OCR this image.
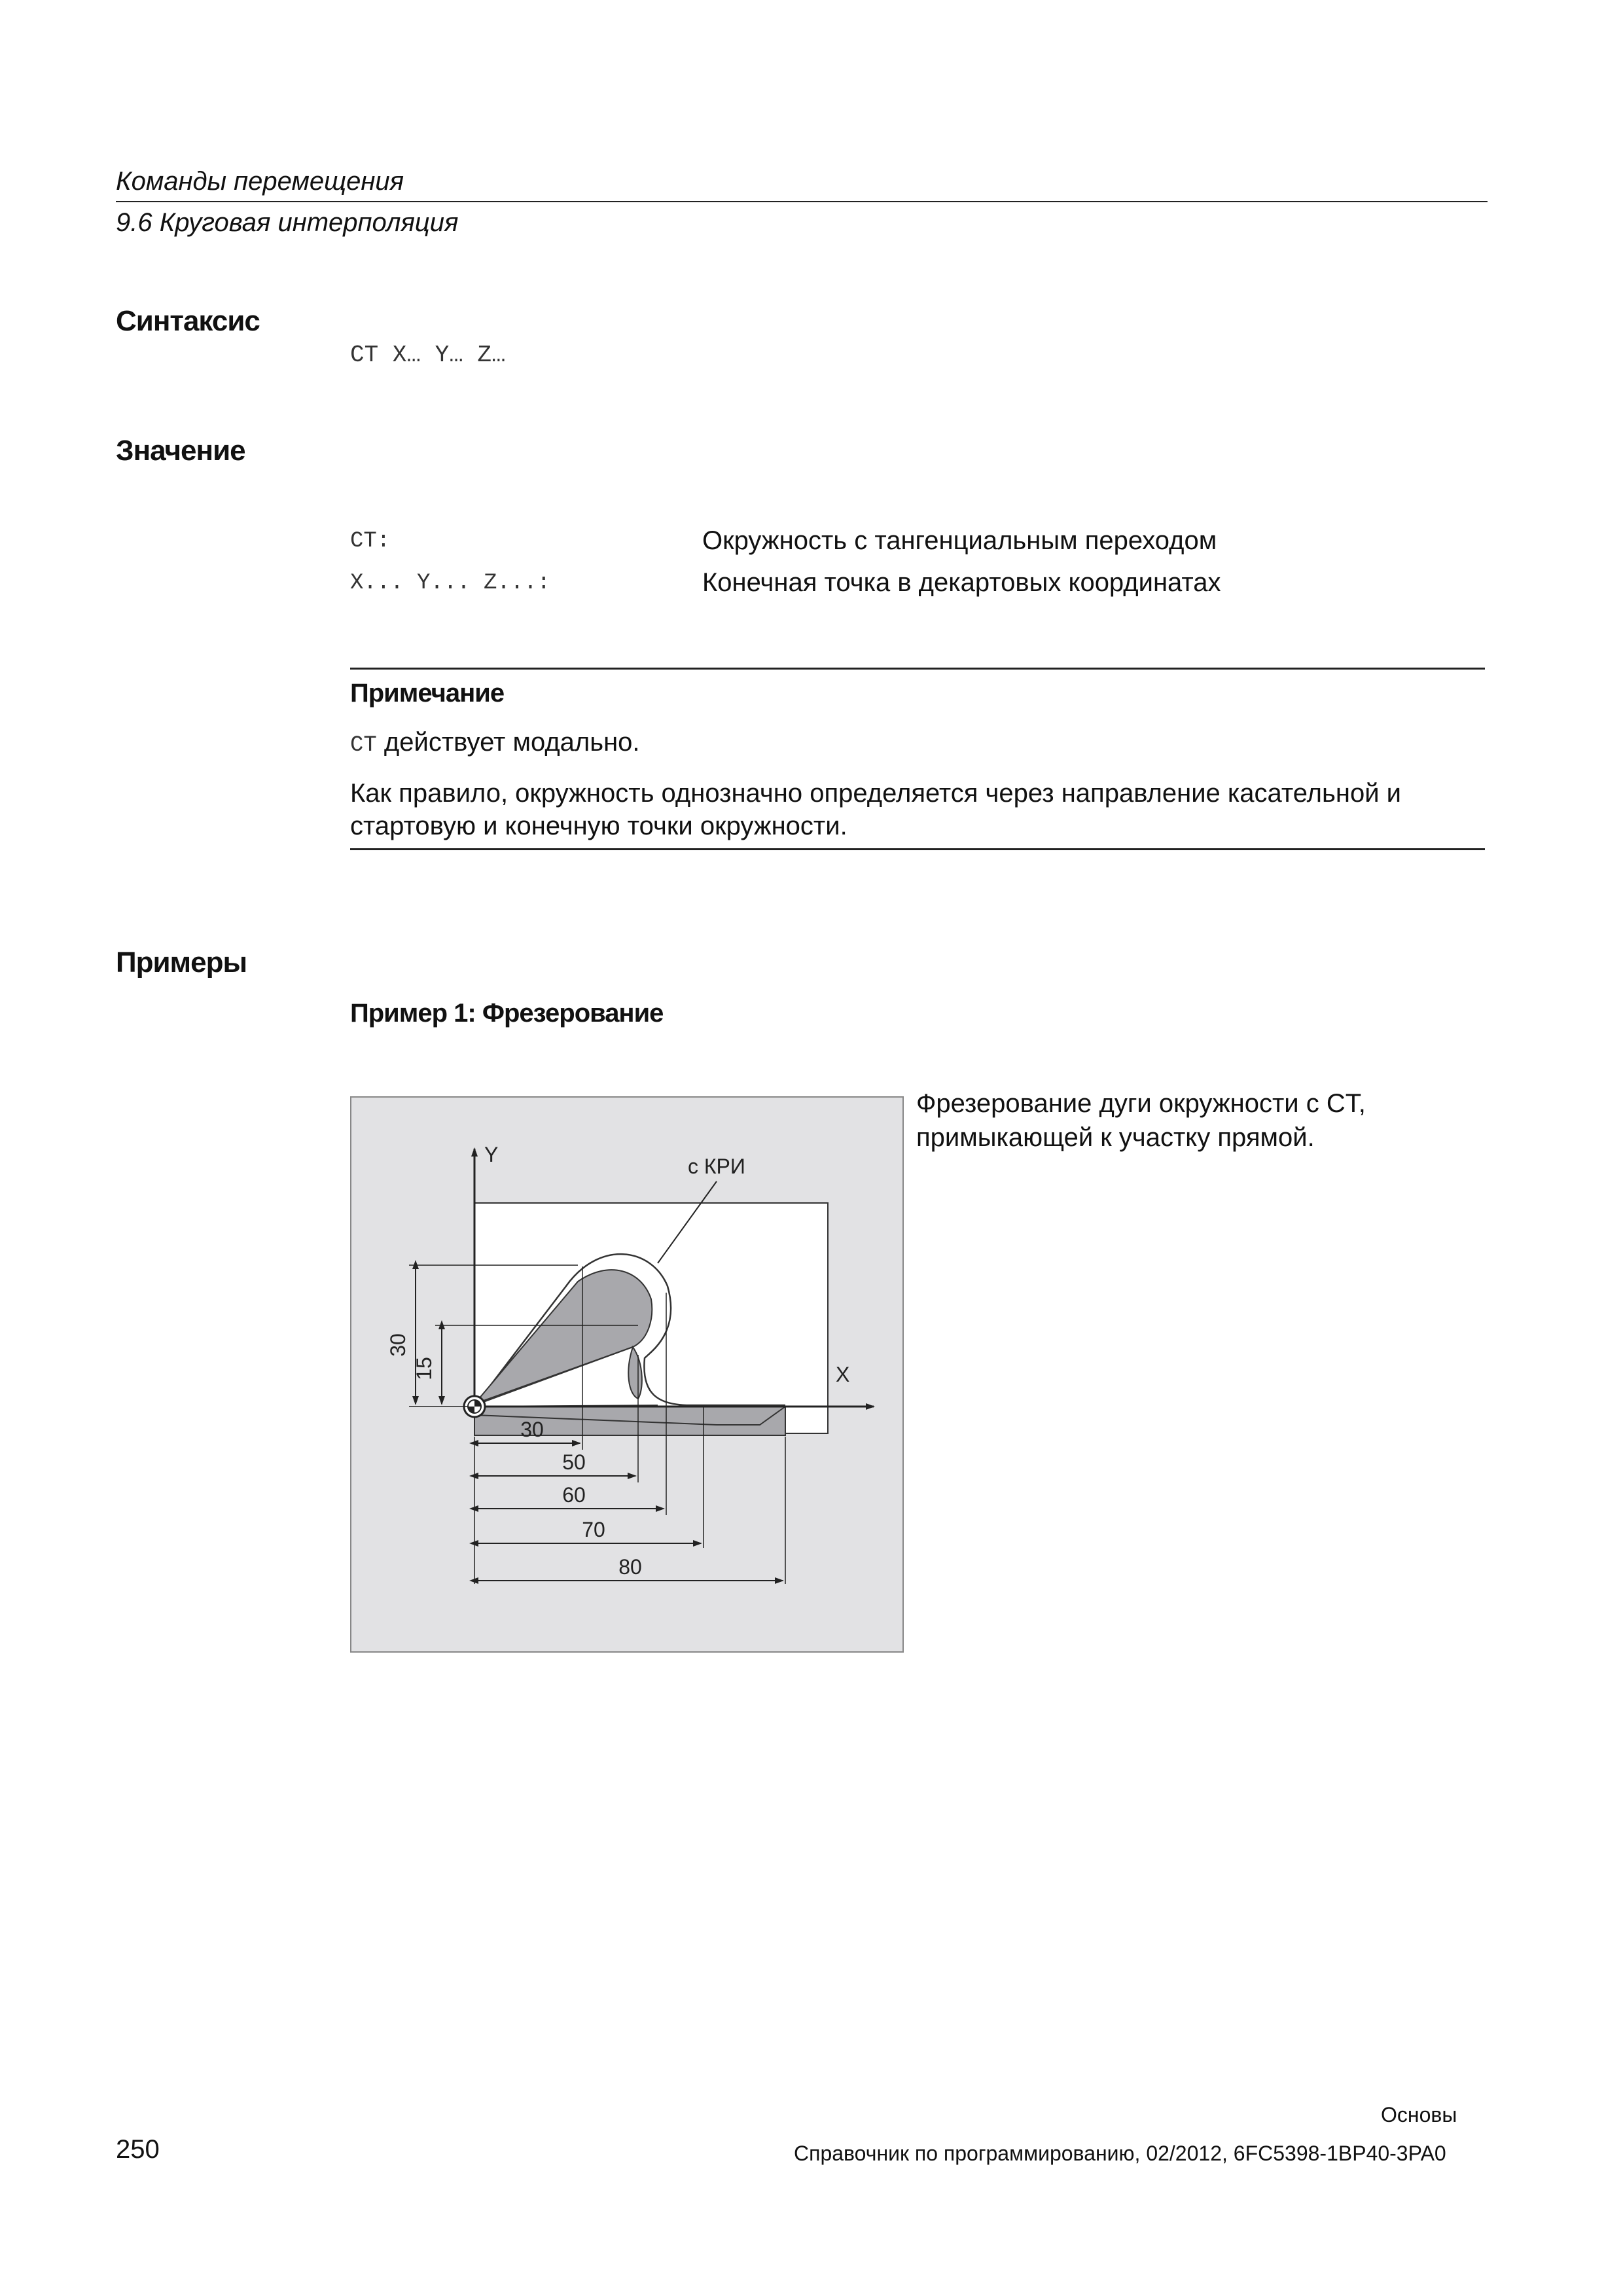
Команды перемещения
9.6 Круговая интерполяция
Синтаксис
CT X… Y… Z…
Значение
CT:	Окружность с тангенциальным переходом
X... Y... Z...:	Конечная точка в декартовых координатах
Примечание
CT действует модально.
Как правило, окружность однозначно определяется через направление касательной и
стартовую и конечную точки окружности.
Примеры
Пример 1: Фрезерование
Фрезерование дуги окружности с CT,
примыкающей к участку прямой.
Y
X
с КРИ
30
15
30
50
60
70
80
Основы
250	Справочник по программированию, 02/2012, 6FC5398-1BP40-3PA0
